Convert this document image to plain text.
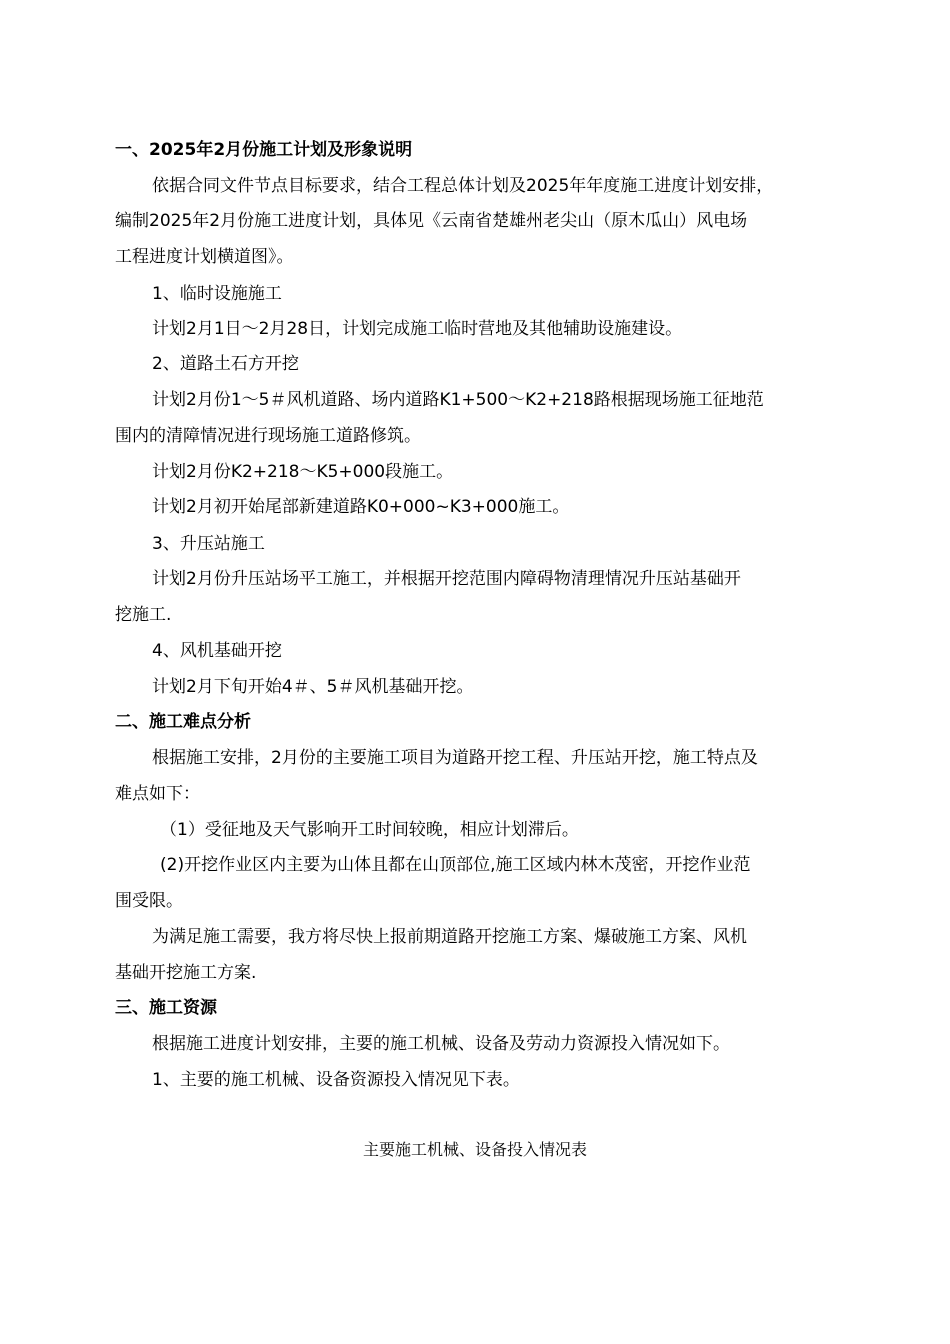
一、2025年2月份施工计划及形象说明
依据合同文件节点目标要求，结合工程总体计划及2025年年度施工进度计划安排，
编制2025年2月份施工进度计划，具体见《云南省楚雄州老尖山（原木瓜山）风电场
工程进度计划横道图》。
1、临时设施施工
计划2月1日～2月28日，计划完成施工临时营地及其他辅助设施建设。
2、道路土石方开挖
计划2月份1～5＃风机道路、场内道路K1+500～K2+218路根据现场施工征地范
围内的清障情况进行现场施工道路修筑。
计划2月份K2+218～K5+000段施工。
计划2月初开始尾部新建道路K0+000~K3+000施工。
3、升压站施工
计划2月份升压站场平工施工，并根据开挖范围内障碍物清理情况升压站基础开
挖施工.
4、风机基础开挖
计划2月下旬开始4＃、5＃风机基础开挖。
二、施工难点分析
根据施工安排，2月份的主要施工项目为道路开挖工程、升压站开挖，施工特点及
难点如下：
（1）受征地及天气影响开工时间较晚，相应计划滞后。
(2)开挖作业区内主要为山体且都在山顶部位,施工区域内林木茂密，开挖作业范
围受限。
为满足施工需要，我方将尽快上报前期道路开挖施工方案、爆破施工方案、风机
基础开挖施工方案.
三、施工资源
根据施工进度计划安排，主要的施工机械、设备及劳动力资源投入情况如下。
1、主要的施工机械、设备资源投入情况见下表。
主要施工机械、设备投入情况表
